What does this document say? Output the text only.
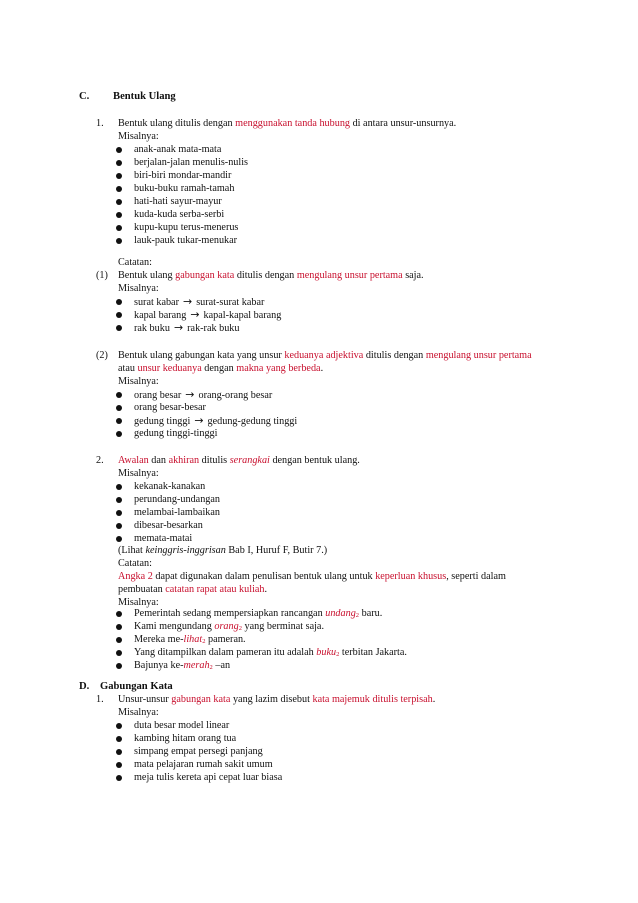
C. Bentuk Ulang
1. Bentuk ulang ditulis dengan menggunakan tanda hubung di antara unsur-unsurnya.
Misalnya:
anak-anak mata-mata
berjalan-jalan menulis-nulis
biri-biri mondar-mandir
buku-buku ramah-tamah
hati-hati sayur-mayur
kuda-kuda serba-serbi
kupu-kupu terus-menerus
lauk-pauk tukar-menukar
Catatan:
(1) Bentuk ulang gabungan kata ditulis dengan mengulang unsur pertama saja.
Misalnya:
surat kabar → surat-surat kabar
kapal barang → kapal-kapal barang
rak buku → rak-rak buku
(2) Bentuk ulang gabungan kata yang unsur keduanya adjektiva ditulis dengan mengulang unsur pertama
atau unsur keduanya dengan makna yang berbeda.
Misalnya:
orang besar → orang-orang besar
orang besar-besar
gedung tinggi → gedung-gedung tinggi
gedung tinggi-tinggi
2. Awalan dan akhiran ditulis serangkai dengan bentuk ulang.
Misalnya:
kekanak-kanakan
perundang-undangan
melambai-lambaikan
dibesar-besarkan
memata-matai
(Lihat keinggris-inggrisan Bab I, Huruf F, Butir 7.)
Catatan:
Angka 2 dapat digunakan dalam penulisan bentuk ulang untuk keperluan khusus, seperti dalam
pembuatan catatan rapat atau kuliah.
Misalnya:
Pemerintah sedang mempersiapkan rancangan undang2 baru.
Kami mengundang orang2 yang berminat saja.
Mereka me-lihat2 pameran.
Yang ditampilkan dalam pameran itu adalah buku2 terbitan Jakarta.
Bajunya ke-merah2 –an
D. Gabungan Kata
1. Unsur-unsur gabungan kata yang lazim disebut kata majemuk ditulis terpisah.
Misalnya:
duta besar model linear
kambing hitam orang tua
simpang empat persegi panjang
mata pelajaran rumah sakit umum
meja tulis kereta api cepat luar biasa
